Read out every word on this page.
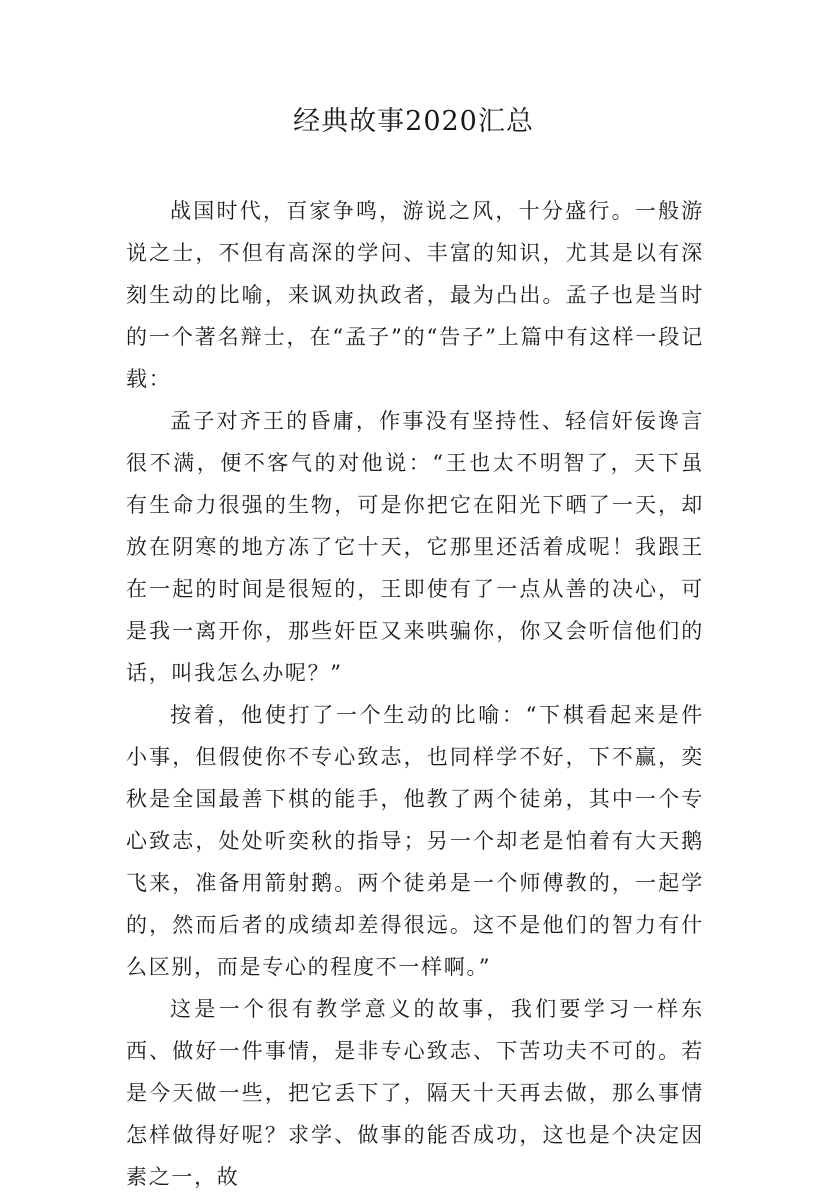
经典故事2020汇总

战国时代，百家争鸣，游说之风，十分盛行。一般游说之士，不但有高深的学问、丰富的知识，尤其是以有深刻生动的比喻，来讽劝执政者，最为凸出。孟子也是当时的一个著名辩士，在“孟子”的“告子”上篇中有这样一段记载：

孟子对齐王的昏庸，作事没有坚持性、轻信奸佞谗言很不满，便不客气的对他说：“王也太不明智了，天下虽有生命力很强的生物，可是你把它在阳光下晒了一天，却放在阴寒的地方冻了它十天，它那里还活着成呢！我跟王在一起的时间是很短的，王即使有了一点从善的决心，可是我一离开你，那些奸臣又来哄骗你，你又会听信他们的话，叫我怎么办呢？”

按着，他使打了一个生动的比喻：“下棋看起来是件小事，但假使你不专心致志，也同样学不好，下不赢，奕秋是全国最善下棋的能手，他教了两个徒弟，其中一个专心致志，处处听奕秋的指导；另一个却老是怕着有大天鹅飞来，准备用箭射鹅。两个徒弟是一个师傅教的，一起学的，然而后者的成绩却差得很远。这不是他们的智力有什么区别，而是专心的程度不一样啊。”

这是一个很有教学意义的故事，我们要学习一样东西、做好一件事情，是非专心致志、下苦功夫不可的。若是今天做一些，把它丢下了，隔天十天再去做，那么事情怎样做得好呢？求学、做事的能否成功，这也是个决定因素之一，故
